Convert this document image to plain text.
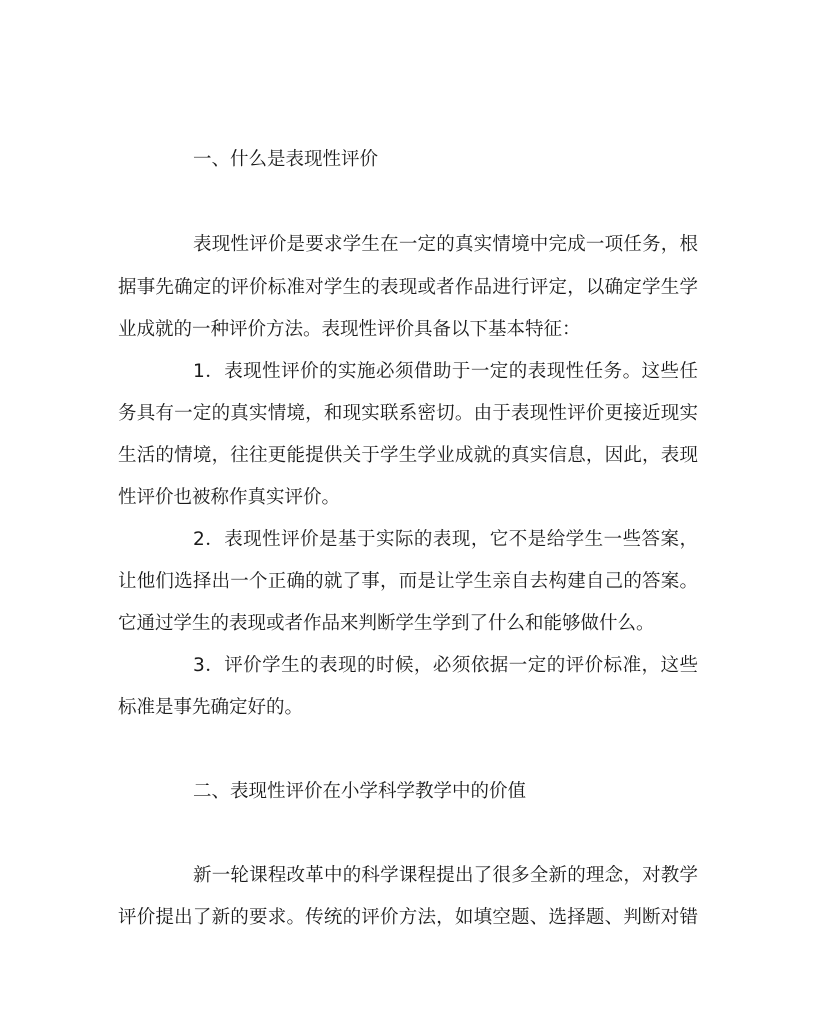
一、什么是表现性评价
表现性评价是要求学生在一定的真实情境中完成一项任务，根
据事先确定的评价标准对学生的表现或者作品进行评定，以确定学生学
业成就的一种评价方法。表现性评价具备以下基本特征：
1．表现性评价的实施必须借助于一定的表现性任务。这些任
务具有一定的真实情境，和现实联系密切。由于表现性评价更接近现实
生活的情境，往往更能提供关于学生学业成就的真实信息，因此，表现
性评价也被称作真实评价。
2．表现性评价是基于实际的表现，它不是给学生一些答案，
让他们选择出一个正确的就了事，而是让学生亲自去构建自己的答案。
它通过学生的表现或者作品来判断学生学到了什么和能够做什么。
3．评价学生的表现的时候，必须依据一定的评价标准，这些
标准是事先确定好的。
二、表现性评价在小学科学教学中的价值
新一轮课程改革中的科学课程提出了很多全新的理念，对教学
评价提出了新的要求。传统的评价方法，如填空题、选择题、判断对错
